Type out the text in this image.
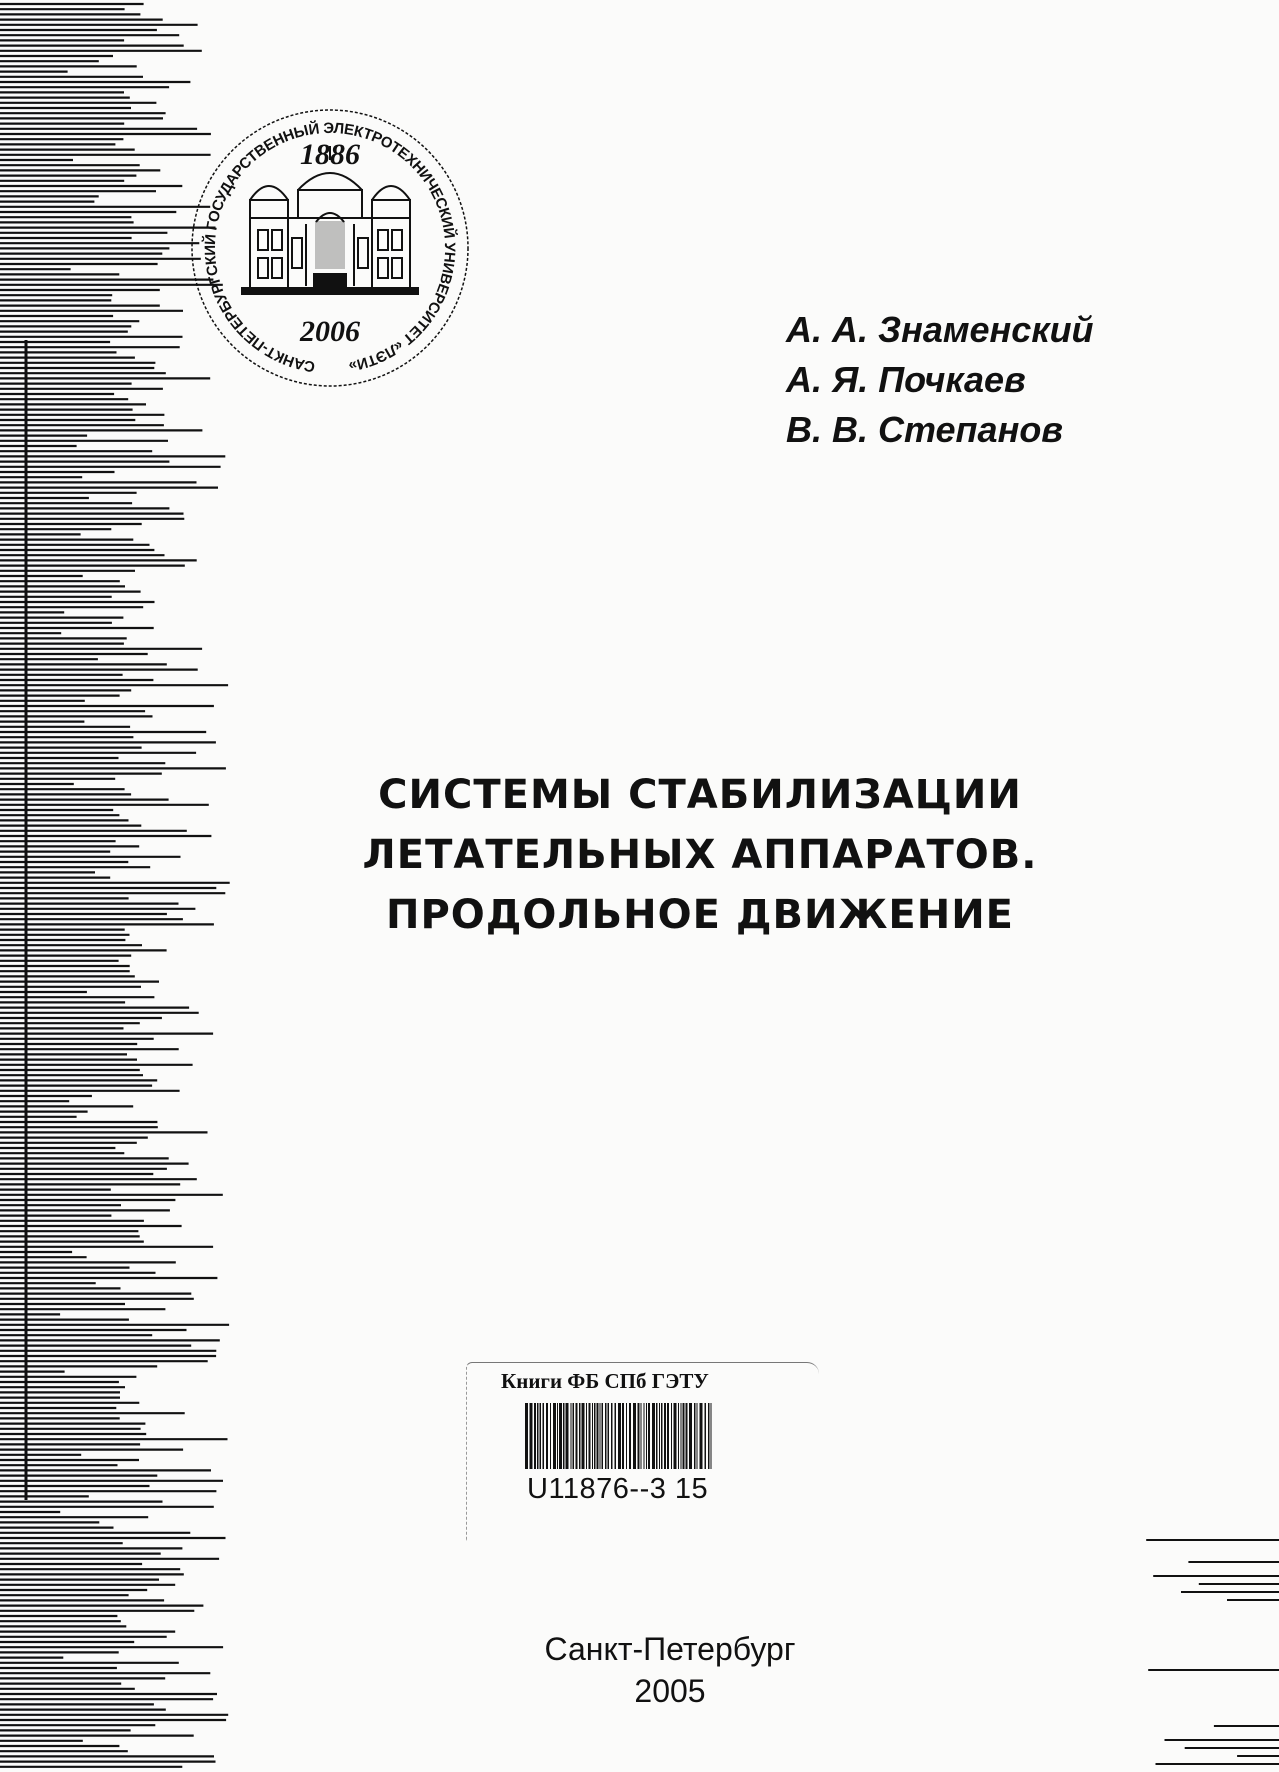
САНКТ-ПЕТЕРБУРГСКИЙ ГОСУДАРСТВЕННЫЙ ЭЛЕКТРОТЕХНИЧЕСКИЙ УНИВЕРСИТЕТ «ЛЭТИ»
1886
2006	А. А. Знаменский
А. Я. Почкаев
В. В. Степанов
СИСТЕМЫ СТАБИЛИЗАЦИИ
ЛЕТАТЕЛЬНЫХ АППАРАТОВ.
ПРОДОЛЬНОЕ ДВИЖЕНИЕ
Книги ФБ СПб ГЭТУ
U11876--3 15
Санкт-Петербург
2005
